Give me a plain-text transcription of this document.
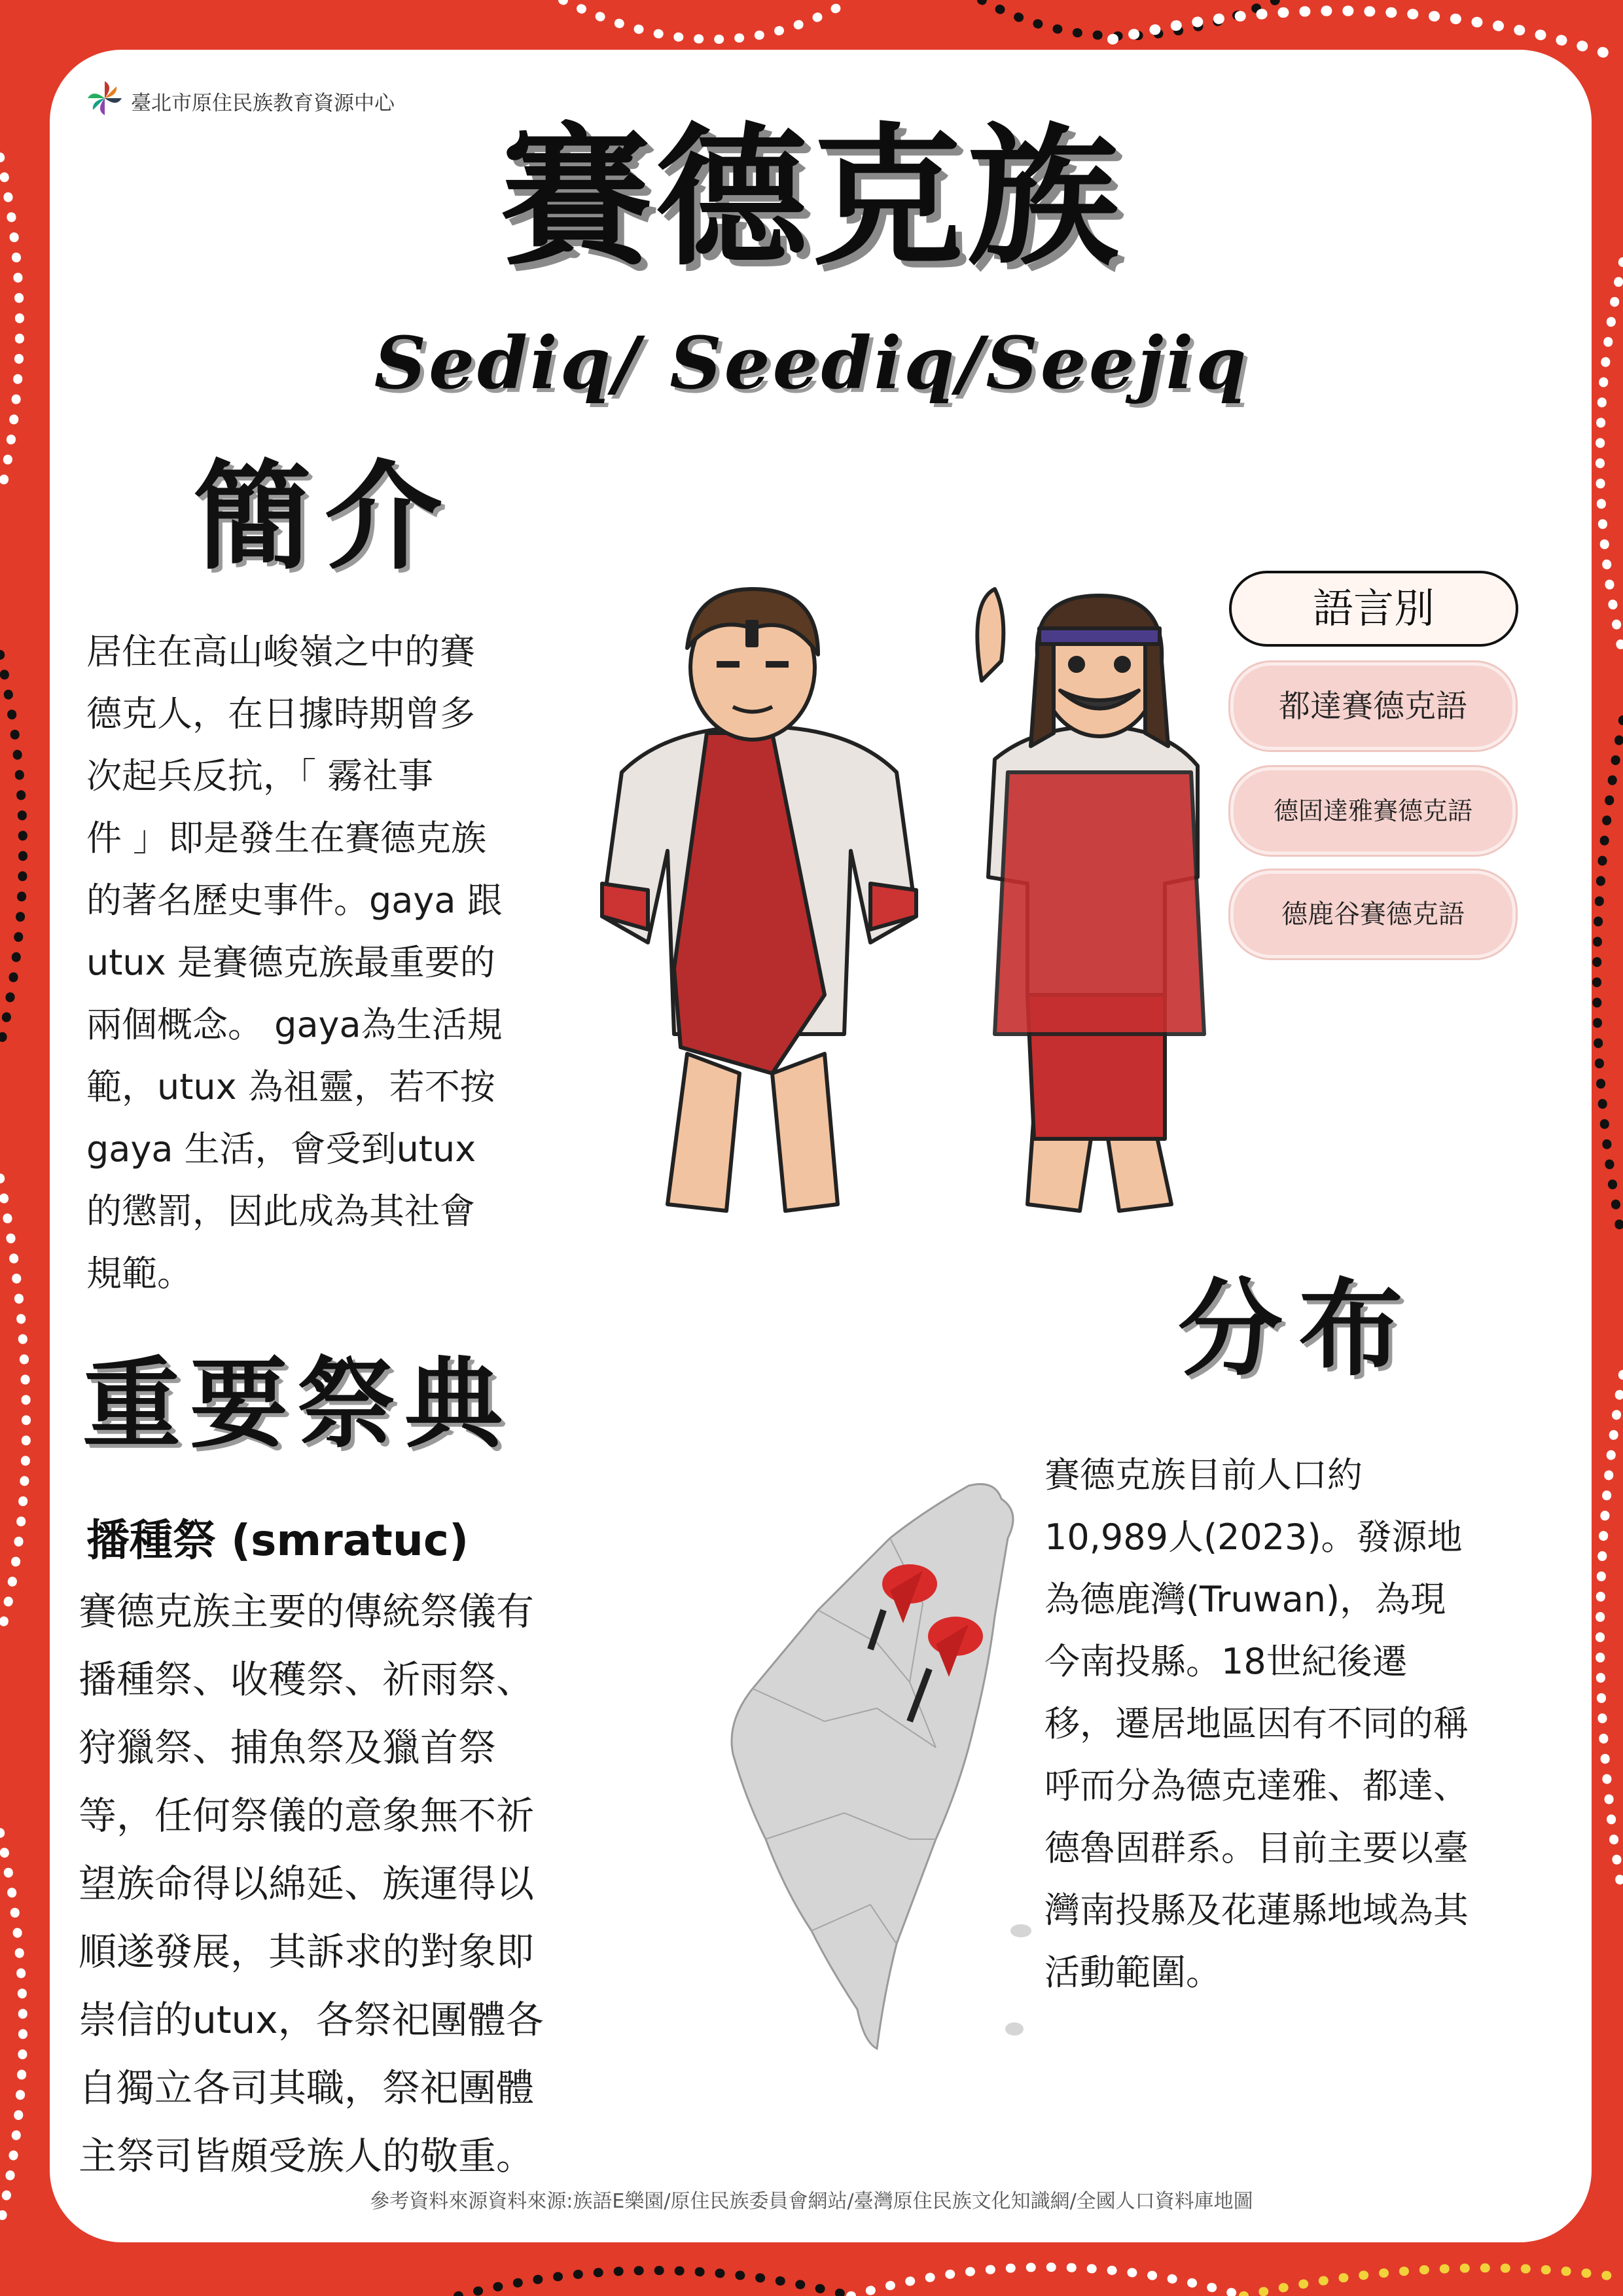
臺北市原住民族教育資源中心
賽德克族
Sediq/ Seediq/Seejiq
簡介
居住在高山峻嶺之中的賽
德克人，在日據時期曾多
次起兵反抗，「 霧社事
件 」即是發生在賽德克族
的著名歷史事件。gaya 跟
utux 是賽德克族最重要的
兩個概念。 gaya為生活規
範，utux 為祖靈，若不按
gaya 生活，會受到utux
的懲罰，因此成為其社會
規範。
語言別
都達賽德克語
德固達雅賽德克語
德鹿谷賽德克語
分布
賽德克族目前人口約
10,989人(2023)。發源地
為德鹿灣(Truwan)，為現
今南投縣。18世紀後遷
移，遷居地區因有不同的稱
呼而分為德克達雅、都達、
德魯固群系。目前主要以臺
灣南投縣及花蓮縣地域為其
活動範圍。
重要祭典
播種祭 (smratuc)
賽德克族主要的傳統祭儀有
播種祭、收穫祭、祈雨祭、
狩獵祭、捕魚祭及獵首祭
等，任何祭儀的意象無不祈
望族命得以綿延、族運得以
順遂發展，其訴求的對象即
崇信的utux，各祭祀團體各
自獨立各司其職，祭祀團體
主祭司皆頗受族人的敬重。
參考資料來源資料來源:族語E樂園/原住民族委員會網站/臺灣原住民族文化知識網/全國人口資料庫地圖
